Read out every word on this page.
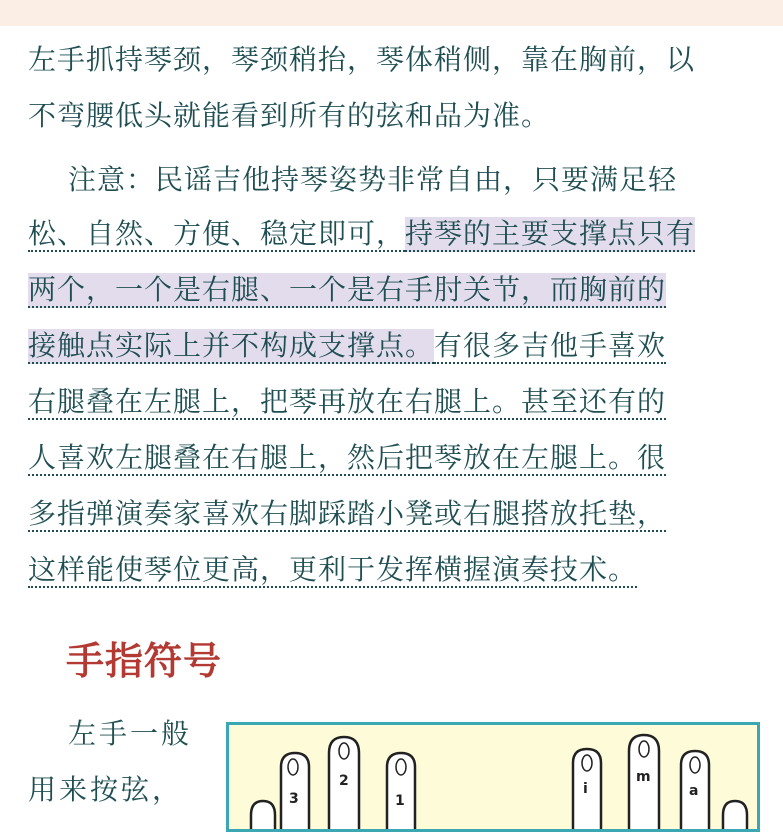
左手抓持琴颈，琴颈稍抬，琴体稍侧，靠在胸前，以
不弯腰低头就能看到所有的弦和品为准。
注意：民谣吉他持琴姿势非常自由，只要满足轻
松、自然、方便、稳定即可，持琴的主要支撑点只有
两个，一个是右腿、一个是右手肘关节，而胸前的
接触点实际上并不构成支撑点。有很多吉他手喜欢
右腿叠在左腿上，把琴再放在右腿上。甚至还有的
人喜欢左腿叠在右腿上，然后把琴放在左腿上。很
多指弹演奏家喜欢右脚踩踏小凳或右腿搭放托垫，
这样能使琴位更高，更利于发挥横握演奏技术。
手指符号
左手一般
用来按弦，	3
2
1
i
m
a
